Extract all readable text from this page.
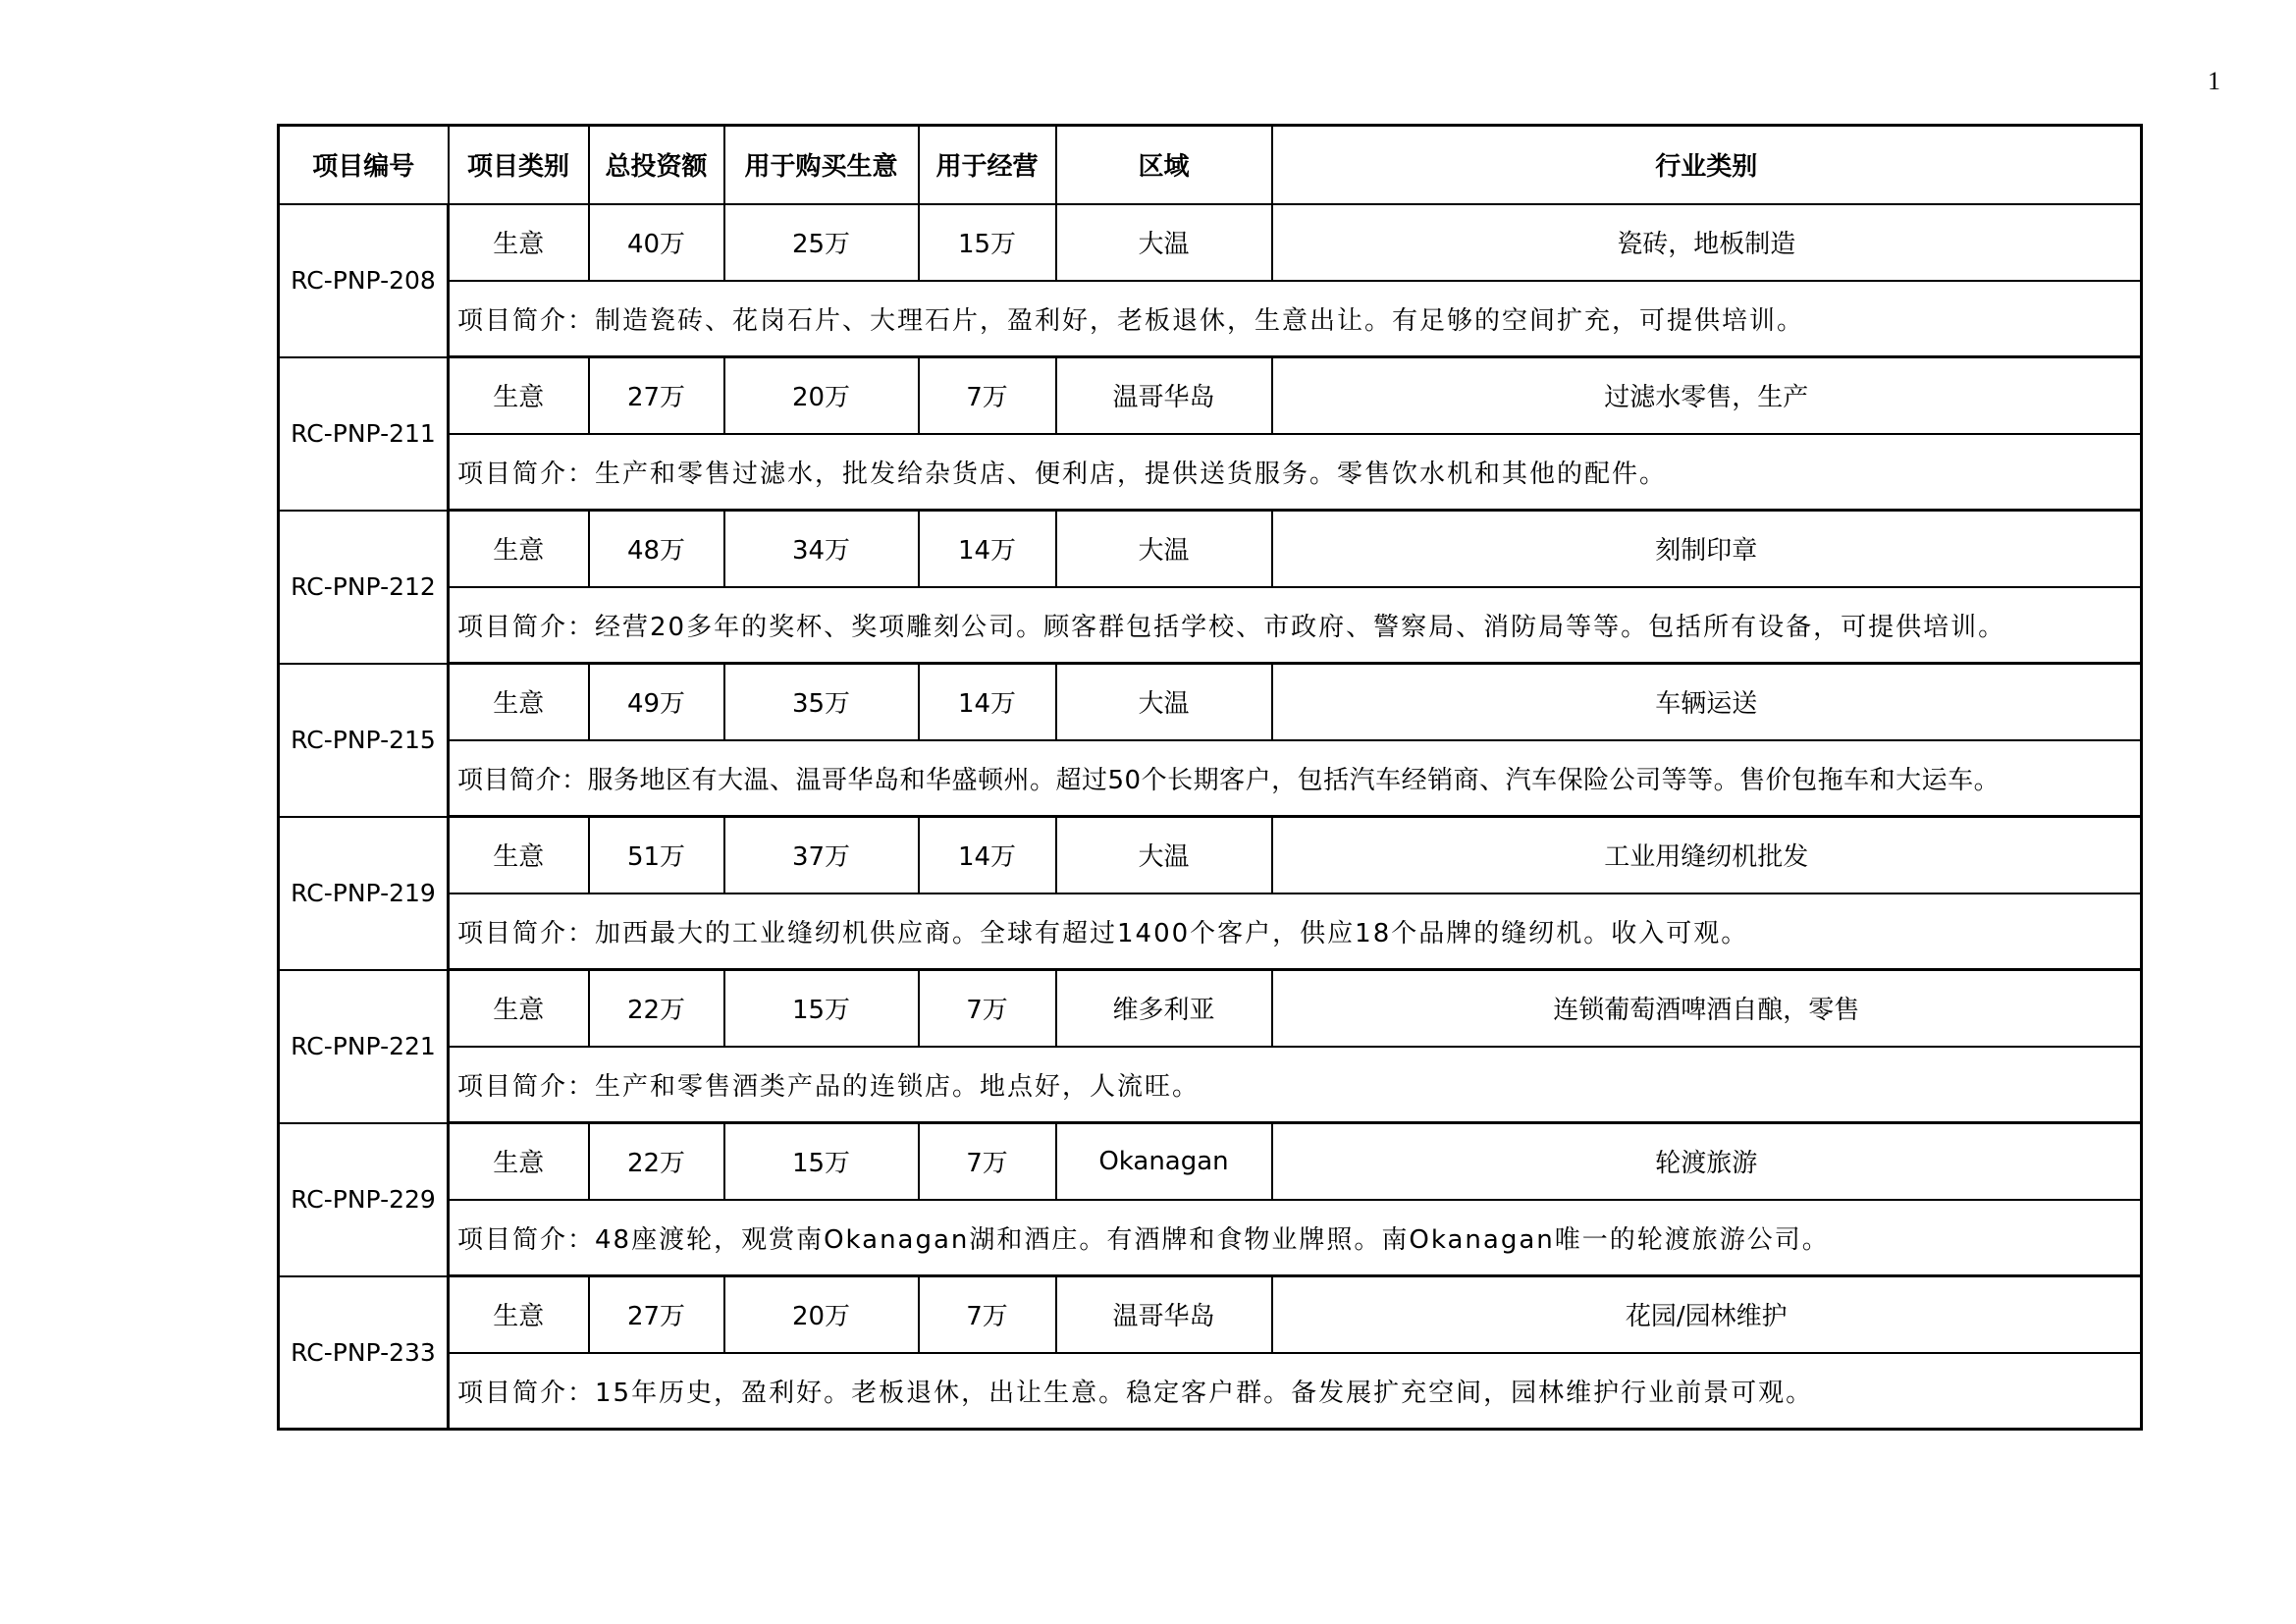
1
项目编号	项目类别	总投资额	用于购买生意	用于经营	区域	行业类别
RC-PNP-208	生意	40万	25万	15万	大温	瓷砖，地板制造
	项目简介：制造瓷砖、花岗石片、大理石片，盈利好，老板退休，生意出让。有足够的空间扩充，可提供培训。					
RC-PNP-211	生意	27万	20万	7万	温哥华岛	过滤水零售，生产
	项目简介：生产和零售过滤水，批发给杂货店、便利店，提供送货服务。零售饮水机和其他的配件。					
RC-PNP-212	生意	48万	34万	14万	大温	刻制印章
	项目简介：经营20多年的奖杯、奖项雕刻公司。顾客群包括学校、市政府、警察局、消防局等等。包括所有设备，可提供培训。					
RC-PNP-215	生意	49万	35万	14万	大温	车辆运送
	项目简介：服务地区有大温、温哥华岛和华盛顿州。超过50个长期客户，包括汽车经销商、汽车保险公司等等。售价包拖车和大运车。					
RC-PNP-219	生意	51万	37万	14万	大温	工业用缝纫机批发
	项目简介：加西最大的工业缝纫机供应商。全球有超过1400个客户，供应18个品牌的缝纫机。收入可观。					
RC-PNP-221	生意	22万	15万	7万	维多利亚	连锁葡萄酒啤酒自酿，零售
	项目简介：生产和零售酒类产品的连锁店。地点好，人流旺。					
RC-PNP-229	生意	22万	15万	7万	Okanagan	轮渡旅游
	项目简介：48座渡轮，观赏南Okanagan湖和酒庄。有酒牌和食物业牌照。南Okanagan唯一的轮渡旅游公司。					
RC-PNP-233	生意	27万	20万	7万	温哥华岛	花园/园林维护
	项目简介：15年历史，盈利好。老板退休，出让生意。稳定客户群。备发展扩充空间，园林维护行业前景可观。					
